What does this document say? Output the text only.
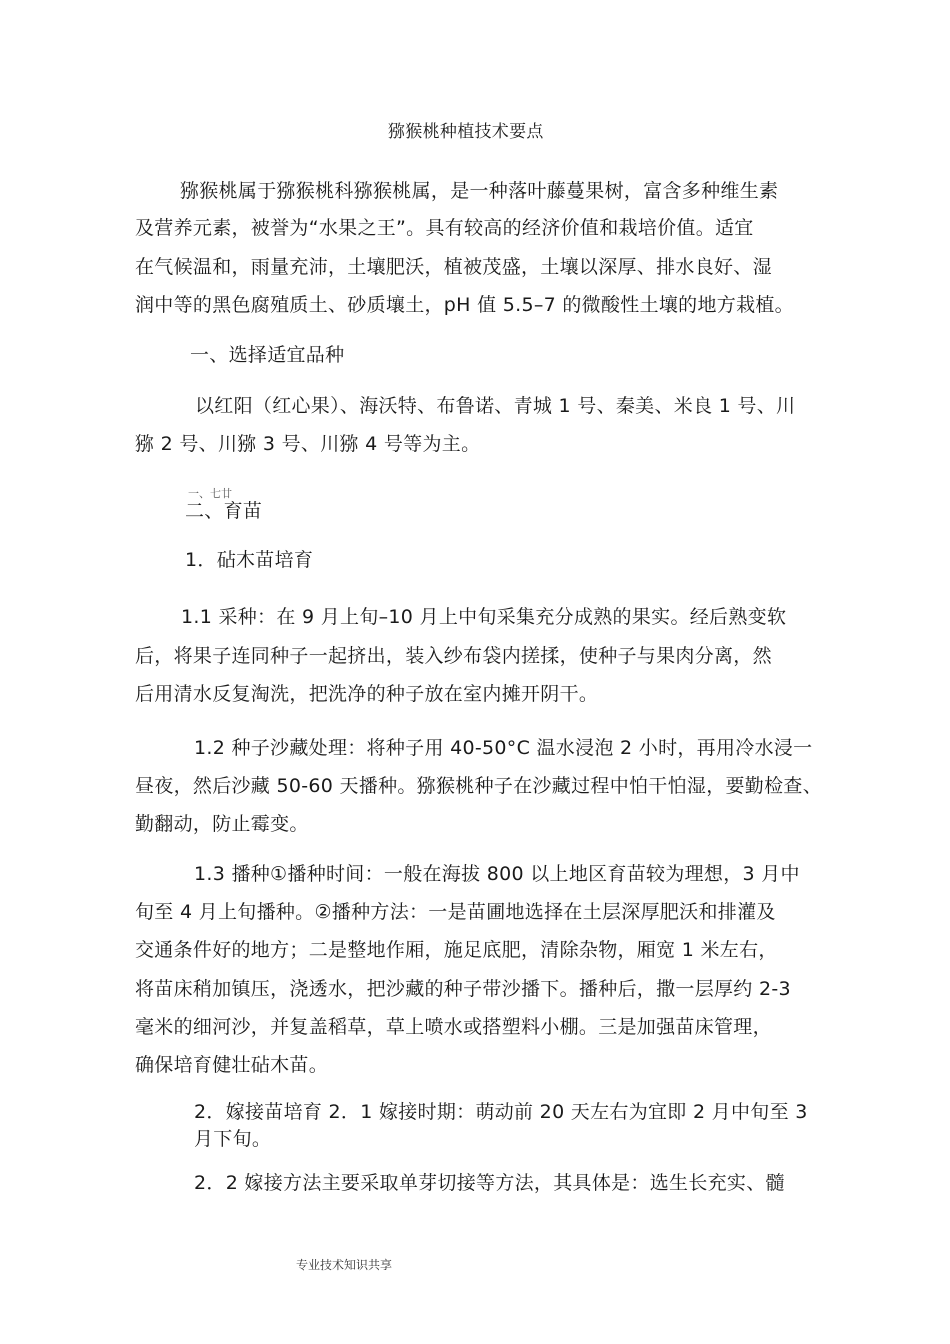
猕猴桃种植技术要点
猕猴桃属于猕猴桃科猕猴桃属，是一种落叶藤蔓果树，富含多种维生素
及营养元素，被誉为“水果之王”。具有较高的经济价值和栽培价值。适宜
在气候温和，雨量充沛，土壤肥沃，植被茂盛，土壤以深厚、排水良好、湿
润中等的黑色腐殖质土、砂质壤土，pH 值 5.5–7 的微酸性土壤的地方栽植。
一、选择适宜品种
以红阳（红心果）、海沃特、布鲁诺、青城 1 号、秦美、米良 1 号、川
猕 2 号、川猕 3 号、川猕 4 号等为主。
一、七廿
二、育苗
1．砧木苗培育
1.1 采种：在 9 月上旬–10 月上中旬采集充分成熟的果实。经后熟变软
后，将果子连同种子一起挤出，装入纱布袋内搓揉，使种子与果肉分离，然
后用清水反复淘洗，把洗净的种子放在室内摊开阴干。
1.2 种子沙藏处理：将种子用 40-50°C 温水浸泡 2 小时，再用冷水浸一
昼夜，然后沙藏 50-60 天播种。猕猴桃种子在沙藏过程中怕干怕湿，要勤检查、
勤翻动，防止霉变。
1.3 播种①播种时间：一般在海拔 800 以上地区育苗较为理想，3 月中
旬至 4 月上旬播种。②播种方法：一是苗圃地选择在土层深厚肥沃和排灌及
交通条件好的地方；二是整地作厢，施足底肥，清除杂物，厢宽 1 米左右，
将苗床稍加镇压，浇透水，把沙藏的种子带沙播下。播种后，撒一层厚约 2-3
毫米的细河沙，并复盖稻草，草上喷水或搭塑料小棚。三是加强苗床管理，
确保培育健壮砧木苗。
2．嫁接苗培育 2．1 嫁接时期：萌动前 20 天左右为宜即 2 月中旬至 3
月下旬。
2．2 嫁接方法主要采取单芽切接等方法，其具体是：选生长充实、髓
专业技术知识共享
